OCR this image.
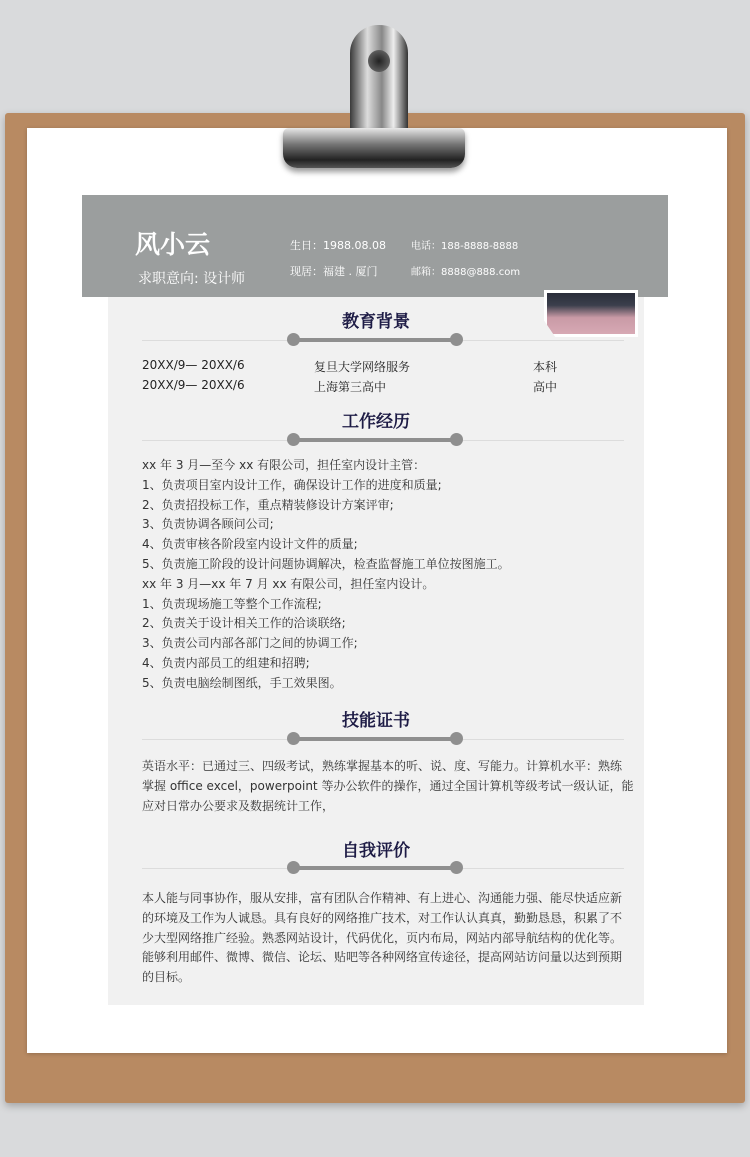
风小云
求职意向: 设计师
生日：1988.08.08
现居：福建 . 厦门
电话：188-8888-8888
邮箱：8888@888.com
教育背景
20XX/9— 20XX/6	复旦大学网络服务	本科
20XX/9— 20XX/6	上海第三高中	高中
工作经历
xx 年 3 月—至今 xx 有限公司，担任室内设计主管：
1、负责项目室内设计工作，确保设计工作的进度和质量;
2、负责招投标工作，重点精装修设计方案评审;
3、负责协调各顾问公司;
4、负责审核各阶段室内设计文件的质量;
5、负责施工阶段的设计问题协调解决，检查监督施工单位按图施工。
xx 年 3 月—xx 年 7 月 xx 有限公司，担任室内设计。
1、负责现场施工等整个工作流程;
2、负责关于设计相关工作的洽谈联络;
3、负责公司内部各部门之间的协调工作;
4、负责内部员工的组建和招聘;
5、负责电脑绘制图纸，手工效果图。
技能证书
英语水平：已通过三、四级考试，熟练掌握基本的听、说、度、写能力。计算机水平：熟练
掌握 office excel，powerpoint 等办公软件的操作，通过全国计算机等级考试一级认证，能
应对日常办公要求及数据统计工作，
自我评价
本人能与同事协作，服从安排，富有团队合作精神、有上进心、沟通能力强、能尽快适应新
的环境及工作为人诚恳。具有良好的网络推广技术，对工作认认真真，勤勤恳恳，积累了不
少大型网络推广经验。熟悉网站设计，代码优化，页内布局，网站内部导航结构的优化等。
能够利用邮件、微博、微信、论坛、贴吧等各种网络宣传途径，提高网站访问量以达到预期
的目标。
